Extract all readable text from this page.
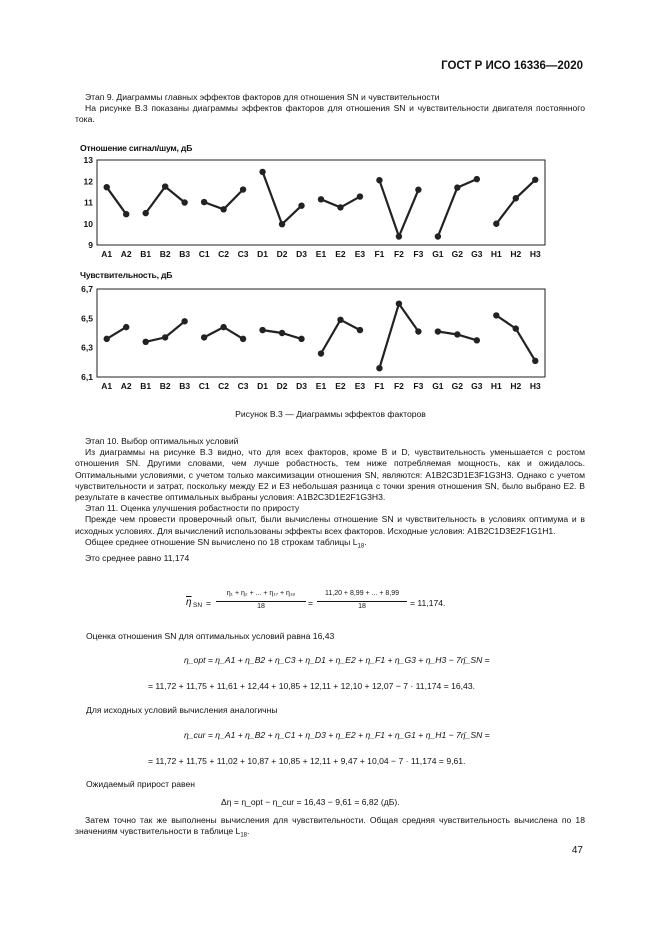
ГОСТ Р ИСО 16336—2020
Этап 9. Диаграммы главных эффектов факторов для отношения SN и чувствительности
На рисунке В.3 показаны диаграммы эффектов факторов для отношения SN и чувствительности двигателя постоянного тока.
Отношение сигнал/шум, дБ
9
10
11
12
13
A1 A2 B1 B2 B3 C1 C2 C3 D1 D2 D3 E1 E2 E3 F1 F2 F3 G1 G2 G3 H1 H2 H3
Чувствительность, дБ
6,1
6,3
6,5
6,7
A1 A2 B1 B2 B3 C1 C2 C3 D1 D2 D3 E1 E2 E3 F1 F2 F3 G1 G2 G3 H1 H2 H3
Рисунок В.3 — Диаграммы эффектов факторов
Этап 10. Выбор оптимальных условий
Из диаграммы на рисунке В.3 видно, что для всех факторов, кроме B и D, чувствительность уменьшается с ростом отношения SN. Другими словами, чем лучше робастность, тем ниже потребляемая мощность, как и ожидалось. Оптимальными условиями, с учетом только максимизации отношения SN, являются: A1B2C3D1E3F1G3H3. Однако с учетом чувствительности и затрат, поскольку между E2 и E3 небольшая разница с точки зрения отношения SN, было выбрано E2. В результате в качестве оптимальных выбраны условия: A1B2C3D1E2F1G3H3.
Этап 11. Оценка улучшения робастности по приросту
Прежде чем провести проверочный опыт, были вычислены отношение SN и чувствительность в условиях оптимума и в исходных условиях. Для вычислений использованы эффекты всех факторов. Исходные условия: A1B2C1D3E2F1G1H1.
Общее среднее отношение SN вычислено по 18 строкам таблицы $L_{18}$.
Это среднее равно 11,174
$\overline{\eta}$ SN =
η₁ + η₂ + ... + η₁₇ + η₁₈
18	=
11,20 + 8,99 + ... + 8,99
18	= 11,174.
Оценка отношения SN для оптимальных условий равна 16,43
η_opt = η_A1 + η_B2 + η_C3 + η_D1 + η_E2 + η_F1 + η_G3 + η_H3 − 7η̄_SN =
= 11,72 + 11,75 + 11,61 + 12,44 + 10,85 + 12,11 + 12,10 + 12,07 − 7 · 11,174 = 16,43.
Для исходных условий вычисления аналогичны
η_cur = η_A1 + η_B2 + η_C1 + η_D3 + η_E2 + η_F1 + η_G1 + η_H1 − 7η̄_SN =
= 11,72 + 11,75 + 11,02 + 10,87 + 10,85 + 12,11 + 9,47 + 10,04 − 7 · 11,174 = 9,61.
Ожидаемый прирост равен
Δη = η_opt − η_cur = 16,43 − 9,61 = 6,82 (дБ).
Затем точно так же выполнены вычисления для чувствительности. Общая средняя чувствительность вычислена по 18 значениям чувствительности в таблице $L_{18}$.
47
